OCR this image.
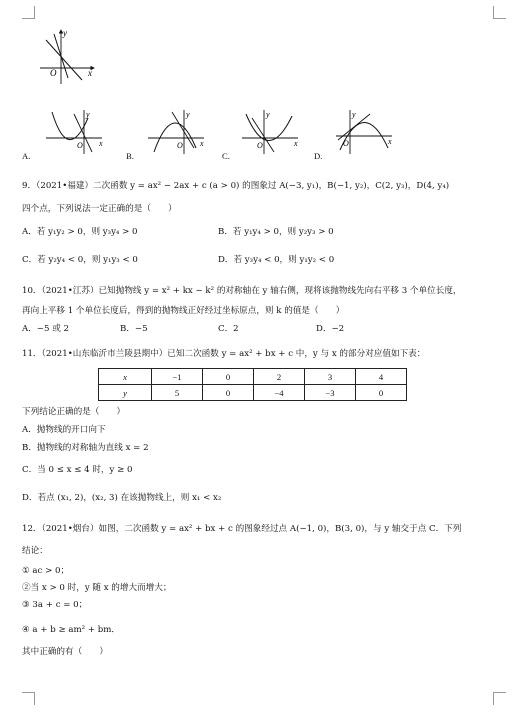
O	x
y
O x
y
O x
y
O	x
y
O	x
y
A.	B.	C.	D.
9．（2021•福建）二次函数 y = ax² − 2ax + c (a > 0) 的图象过 A(−3, y₁)，B(−1, y₂)，C(2, y₃)，D(4, y₄)
四个点，下列说法一定正确的是（　　）
A．若 y₁y₂ > 0，则 y₃y₄ > 0	B．若 y₁y₄ > 0，则 y₂y₃ > 0
C．若 y₂y₄ < 0，则 y₁y₃ < 0	D．若 y₃y₄ < 0，则 y₁y₂ < 0
10．（2021•江苏）已知抛物线 y = x² + kx − k² 的对称轴在 y 轴右侧，现将该抛物线先向右平移 3 个单位长度，
再向上平移 1 个单位长度后，得到的抛物线正好经过坐标原点，则 k 的值是（　　）
A．−5 或 2	B．−5	C．2	D．−2
11．（2021•山东临沂市兰陵县期中）已知二次函数 y = ax² + bx + c 中，y 与 x 的部分对应值如下表：
x	−1	0	2	3	4
y	5	0	−4	−3	0
下列结论正确的是（　　）
A．抛物线的开口向下
B．抛物线的对称轴为直线 x = 2
C．当 0 ≤ x ≤ 4 时，y ≥ 0
D．若点 (x₁, 2)，(x₂, 3) 在该抛物线上，则 x₁ < x₂
12．（2021•烟台）如图，二次函数 y = ax² + bx + c 的图象经过点 A(−1, 0)，B(3, 0)，与 y 轴交于点 C．下列
结论：
① ac > 0；
②当 x > 0 时，y 随 x 的增大而增大；
③ 3a + c = 0；
④ a + b ≥ am² + bm．
其中正确的有（　　）
